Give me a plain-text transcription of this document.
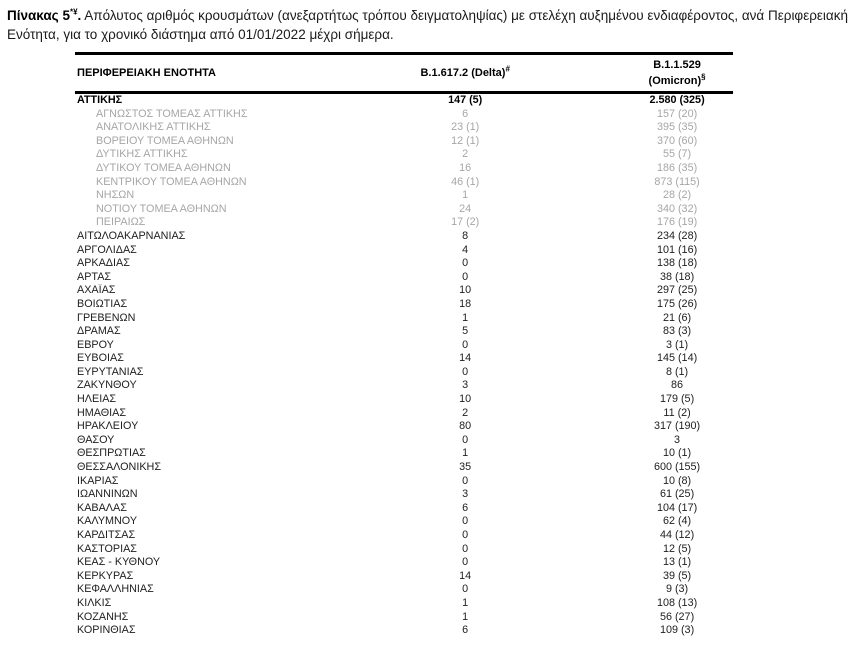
Πίνακας 5*¥. Απόλυτος αριθμός κρουσμάτων (ανεξαρτήτως τρόπου δειγματοληψίας) με στελέχη αυξημένου ενδιαφέροντος, ανά Περιφερειακή Ενότητα, για το χρονικό διάστημα από 01/01/2022 μέχρι σήμερα.

ΠΕΡΙΦΕΡΕΙΑΚΗ ΕΝΟΤΗΤΑ	B.1.617.2 (Delta)#	B.1.1.529
(Omicron)§

ΑΤΤΙΚΗΣ	147 (5)	2.580 (325)
ΑΓΝΩΣΤΟΣ ΤΟΜΕΑΣ ΑΤΤΙΚΗΣ	6	157 (20)
ΑΝΑΤΟΛΙΚΗΣ ΑΤΤΙΚΗΣ	23 (1)	395 (35)
ΒΟΡΕΙΟΥ ΤΟΜΕΑ ΑΘΗΝΩΝ	12 (1)	370 (60)
ΔΥΤΙΚΗΣ ΑΤΤΙΚΗΣ	2	55 (7)
ΔΥΤΙΚΟΥ ΤΟΜΕΑ ΑΘΗΝΩΝ	16	186 (35)
ΚΕΝΤΡΙΚΟΥ ΤΟΜΕΑ ΑΘΗΝΩΝ	46 (1)	873 (115)
ΝΗΣΩΝ	1	28 (2)
ΝΟΤΙΟΥ ΤΟΜΕΑ ΑΘΗΝΩΝ	24	340 (32)
ΠΕΙΡΑΙΩΣ	17 (2)	176 (19)
ΑΙΤΩΛΟΑΚΑΡΝΑΝΙΑΣ	8	234 (28)
ΑΡΓΟΛΙΔΑΣ	4	101 (16)
ΑΡΚΑΔΙΑΣ	0	138 (18)
ΑΡΤΑΣ	0	38 (18)
ΑΧΑΪΑΣ	10	297 (25)
ΒΟΙΩΤΙΑΣ	18	175 (26)
ΓΡΕΒΕΝΩΝ	1	21 (6)
ΔΡΑΜΑΣ	5	83 (3)
ΕΒΡΟΥ	0	3 (1)
ΕΥΒΟΙΑΣ	14	145 (14)
ΕΥΡΥΤΑΝΙΑΣ	0	8 (1)
ΖΑΚΥΝΘΟΥ	3	86
ΗΛΕΙΑΣ	10	179 (5)
ΗΜΑΘΙΑΣ	2	11 (2)
ΗΡΑΚΛΕΙΟΥ	80	317 (190)
ΘΑΣΟΥ	0	3
ΘΕΣΠΡΩΤΙΑΣ	1	10 (1)
ΘΕΣΣΑΛΟΝΙΚΗΣ	35	600 (155)
ΙΚΑΡΙΑΣ	0	10 (8)
ΙΩΑΝΝΙΝΩΝ	3	61 (25)
ΚΑΒΑΛΑΣ	6	104 (17)
ΚΑΛΥΜΝΟΥ	0	62 (4)
ΚΑΡΔΙΤΣΑΣ	0	44 (12)
ΚΑΣΤΟΡΙΑΣ	0	12 (5)
ΚΕΑΣ - ΚΥΘΝΟΥ	0	13 (1)
ΚΕΡΚΥΡΑΣ	14	39 (5)
ΚΕΦΑΛΛΗΝΙΑΣ	0	9 (3)
ΚΙΛΚΙΣ	1	108 (13)
ΚΟΖΑΝΗΣ	1	56 (27)
ΚΟΡΙΝΘΙΑΣ	6	109 (3)
